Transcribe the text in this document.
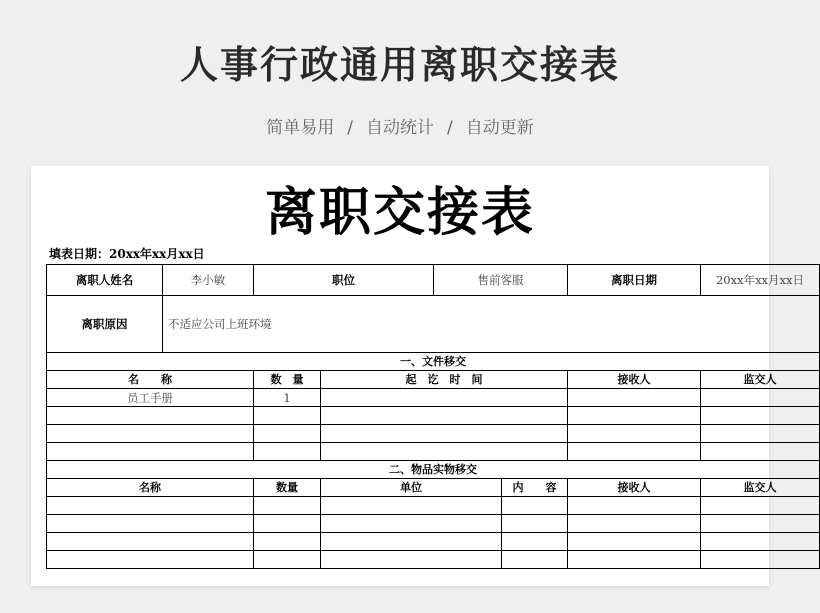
人事行政通用离职交接表
简单易用 / 自动统计 / 自动更新
离职交接表
填表日期：20xx年xx月xx日
离职人姓名	李小敏	职位		售前客服		离职日期	20xx年xx月xx日
离职原因	不适应公司上班环境						
一、文件移交							
名　　称		数　量	起　讫　时　间			接收人	监交人
员工手册		1					

二、物品实物移交							
名称		数量	单位		内　　容	接收人	监交人
